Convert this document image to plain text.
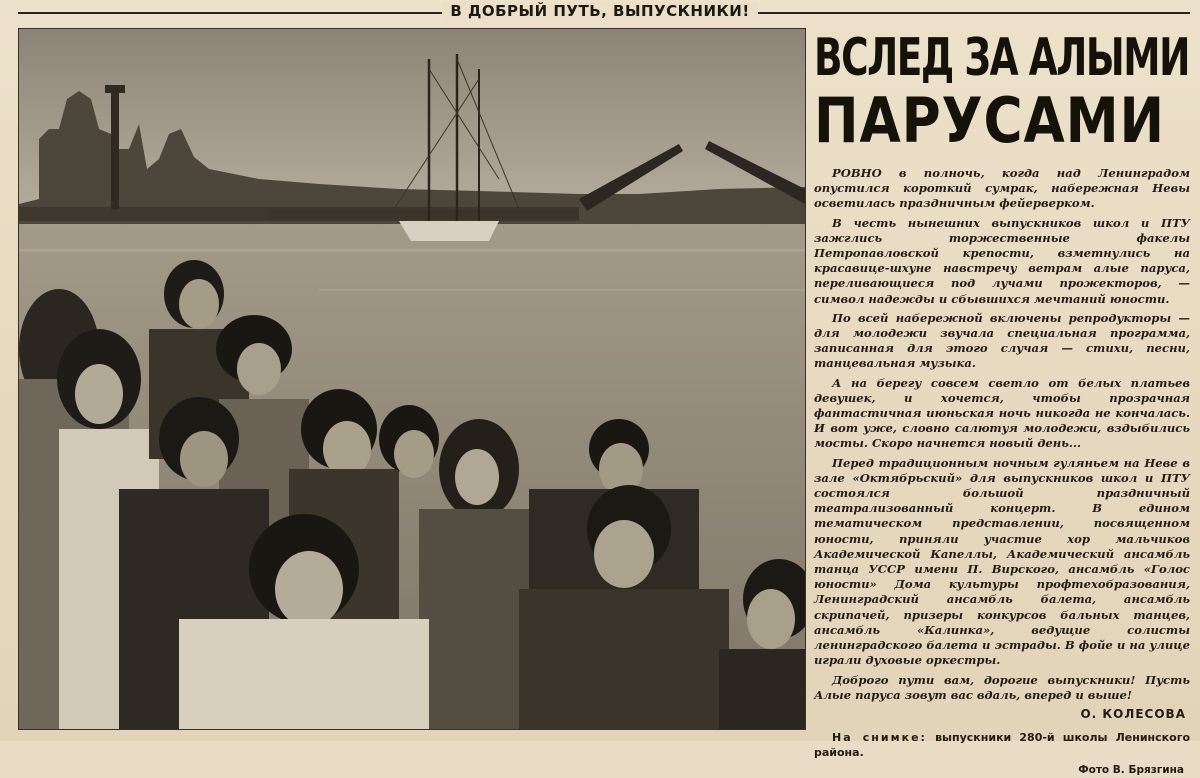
В ДОБРЫЙ ПУТЬ, ВЫПУСКНИКИ!
ВСЛЕД ЗА АЛЫМИ
ПАРУСАМИ

РОВНО в полночь, когда над Ленинградом опустился короткий сумрак, набережная Невы осветилась праздничным фейерверком.

В честь нынешних выпускников школ и ПТУ зажглись торжественные факелы Петропавловской крепости, взметнулись на красавице-шхуне навстречу ветрам алые паруса, переливающиеся под лучами прожекторов, — символ надежды и сбывшихся мечтаний юности.

По всей набережной включены репродукторы — для молодежи звучала специальная программа, записанная для этого случая — стихи, песни, танцевальная музыка.

А на берегу совсем светло от белых платьев девушек, и хочется, чтобы прозрачная фантастичная июньская ночь никогда не кончалась. И вот уже, словно салютуя молодежи, вздыбились мосты. Скоро начнется новый день...

Перед традиционным ночным гуляньем на Неве в зале «Октябрьский» для выпускников школ и ПТУ состоялся большой праздничный театрализованный концерт. В едином тематическом представлении, посвященном юности, приняли участие хор мальчиков Академической Капеллы, Академический ансамбль танца УССР имени П. Вирского, ансамбль «Голос юности» Дома культуры профтехобразования, Ленинградский ансамбль балета, ансамбль скрипачей, призеры конкурсов бальных танцев, ансамбль «Калинка», ведущие солисты ленинградского балета и эстрады. В фойе и на улице играли духовые оркестры.

Доброго пути вам, дорогие выпускники! Пусть Алые паруса зовут вас вдаль, вперед и выше!

О. КОЛЕСОВА
На снимке: выпускники 280-й школы Ленинского района.
Фото В. Брязгина
